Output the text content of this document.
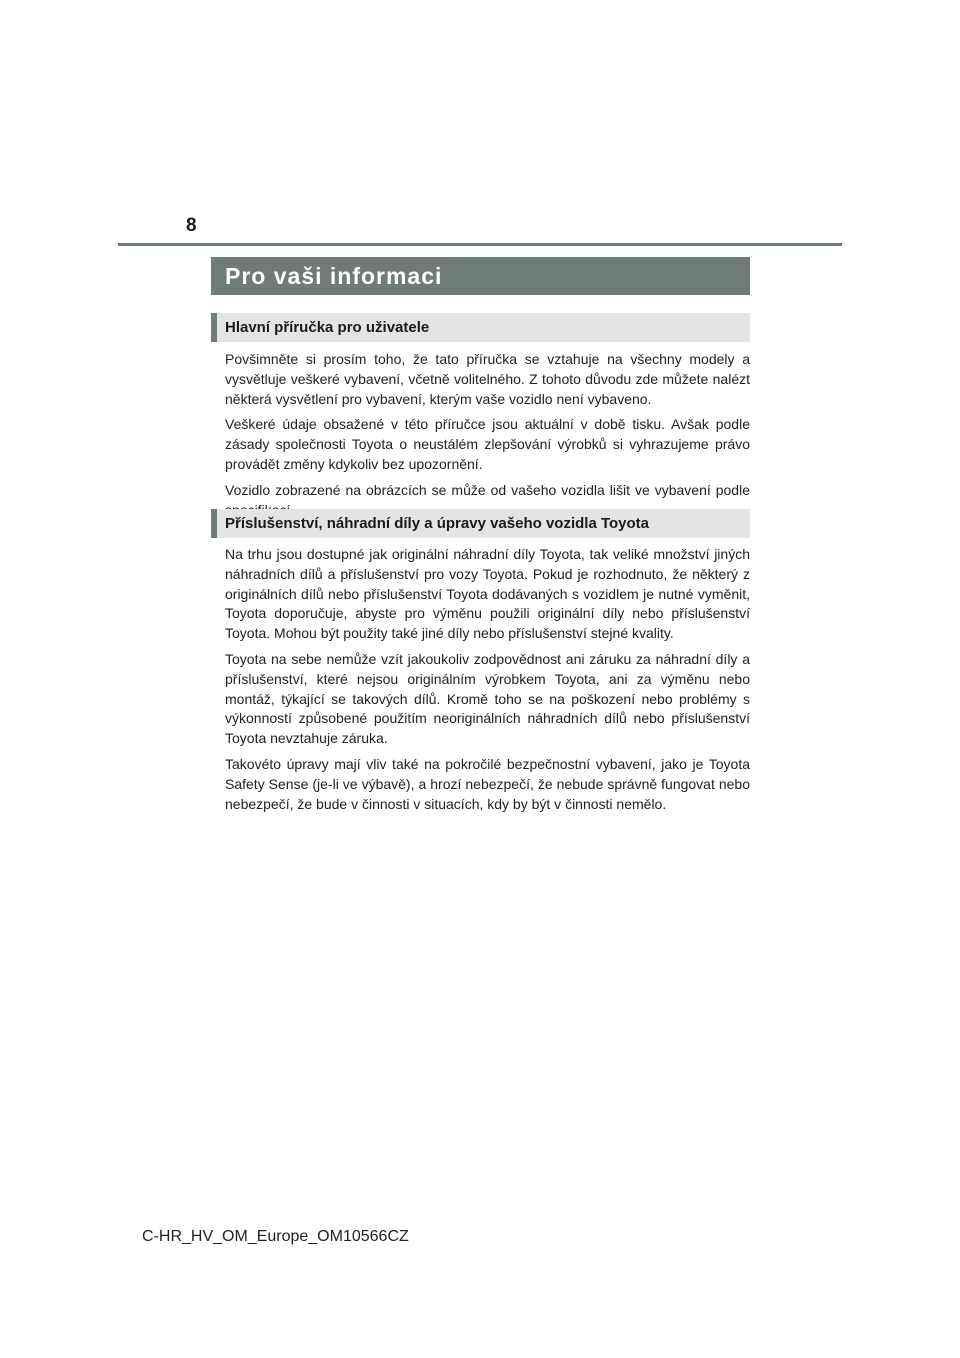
8
Pro vaši informaci
Hlavní příručka pro uživatele

Povšimněte si prosím toho, že tato příručka se vztahuje na všechny modely a vysvětluje veškeré vybavení, včetně volitelného. Z tohoto důvodu zde můžete nalézt některá vysvětlení pro vybavení, kterým vaše vozidlo není vybaveno.

Veškeré údaje obsažené v této příručce jsou aktuální v době tisku. Avšak podle zásady společnosti Toyota o neustálém zlepšování výrobků si vyhrazujeme právo provádět změny kdykoliv bez upozornění.

Vozidlo zobrazené na obrázcích se může od vašeho vozidla lišit ve vybavení podle

Příslušenství, náhradní díly a úpravy vašeho vozidla Toyota

Na trhu jsou dostupné jak originální náhradní díly Toyota, tak veliké množství jiných náhradních dílů a příslušenství pro vozy Toyota. Pokud je rozhodnuto, že některý z originálních dílů nebo příslušenství Toyota dodávaných s vozidlem je nutné vyměnit, Toyota doporučuje, abyste pro výměnu použili originální díly nebo příslušenství Toyota. Mohou být použity také jiné díly nebo příslušenství stejné kvality.

Toyota na sebe nemůže vzít jakoukoliv zodpovědnost ani záruku za náhradní díly a příslušenství, které nejsou originálním výrobkem Toyota, ani za výměnu nebo montáž, týkající se takových dílů. Kromě toho se na poškození nebo problémy s výkonností způsobené použitím neoriginálních náhradních dílů nebo příslušenství Toyota nevztahuje záruka.

Takovéto úpravy mají vliv také na pokročilé bezpečnostní vybavení, jako je Toyota Safety Sense (je-li ve výbavě), a hrozí nebezpečí, že nebude správně fungovat nebo nebezpečí, že bude v činnosti v situacích, kdy by být v činnosti nemělo.

C-HR_HV_OM_Europe_OM10566CZ
